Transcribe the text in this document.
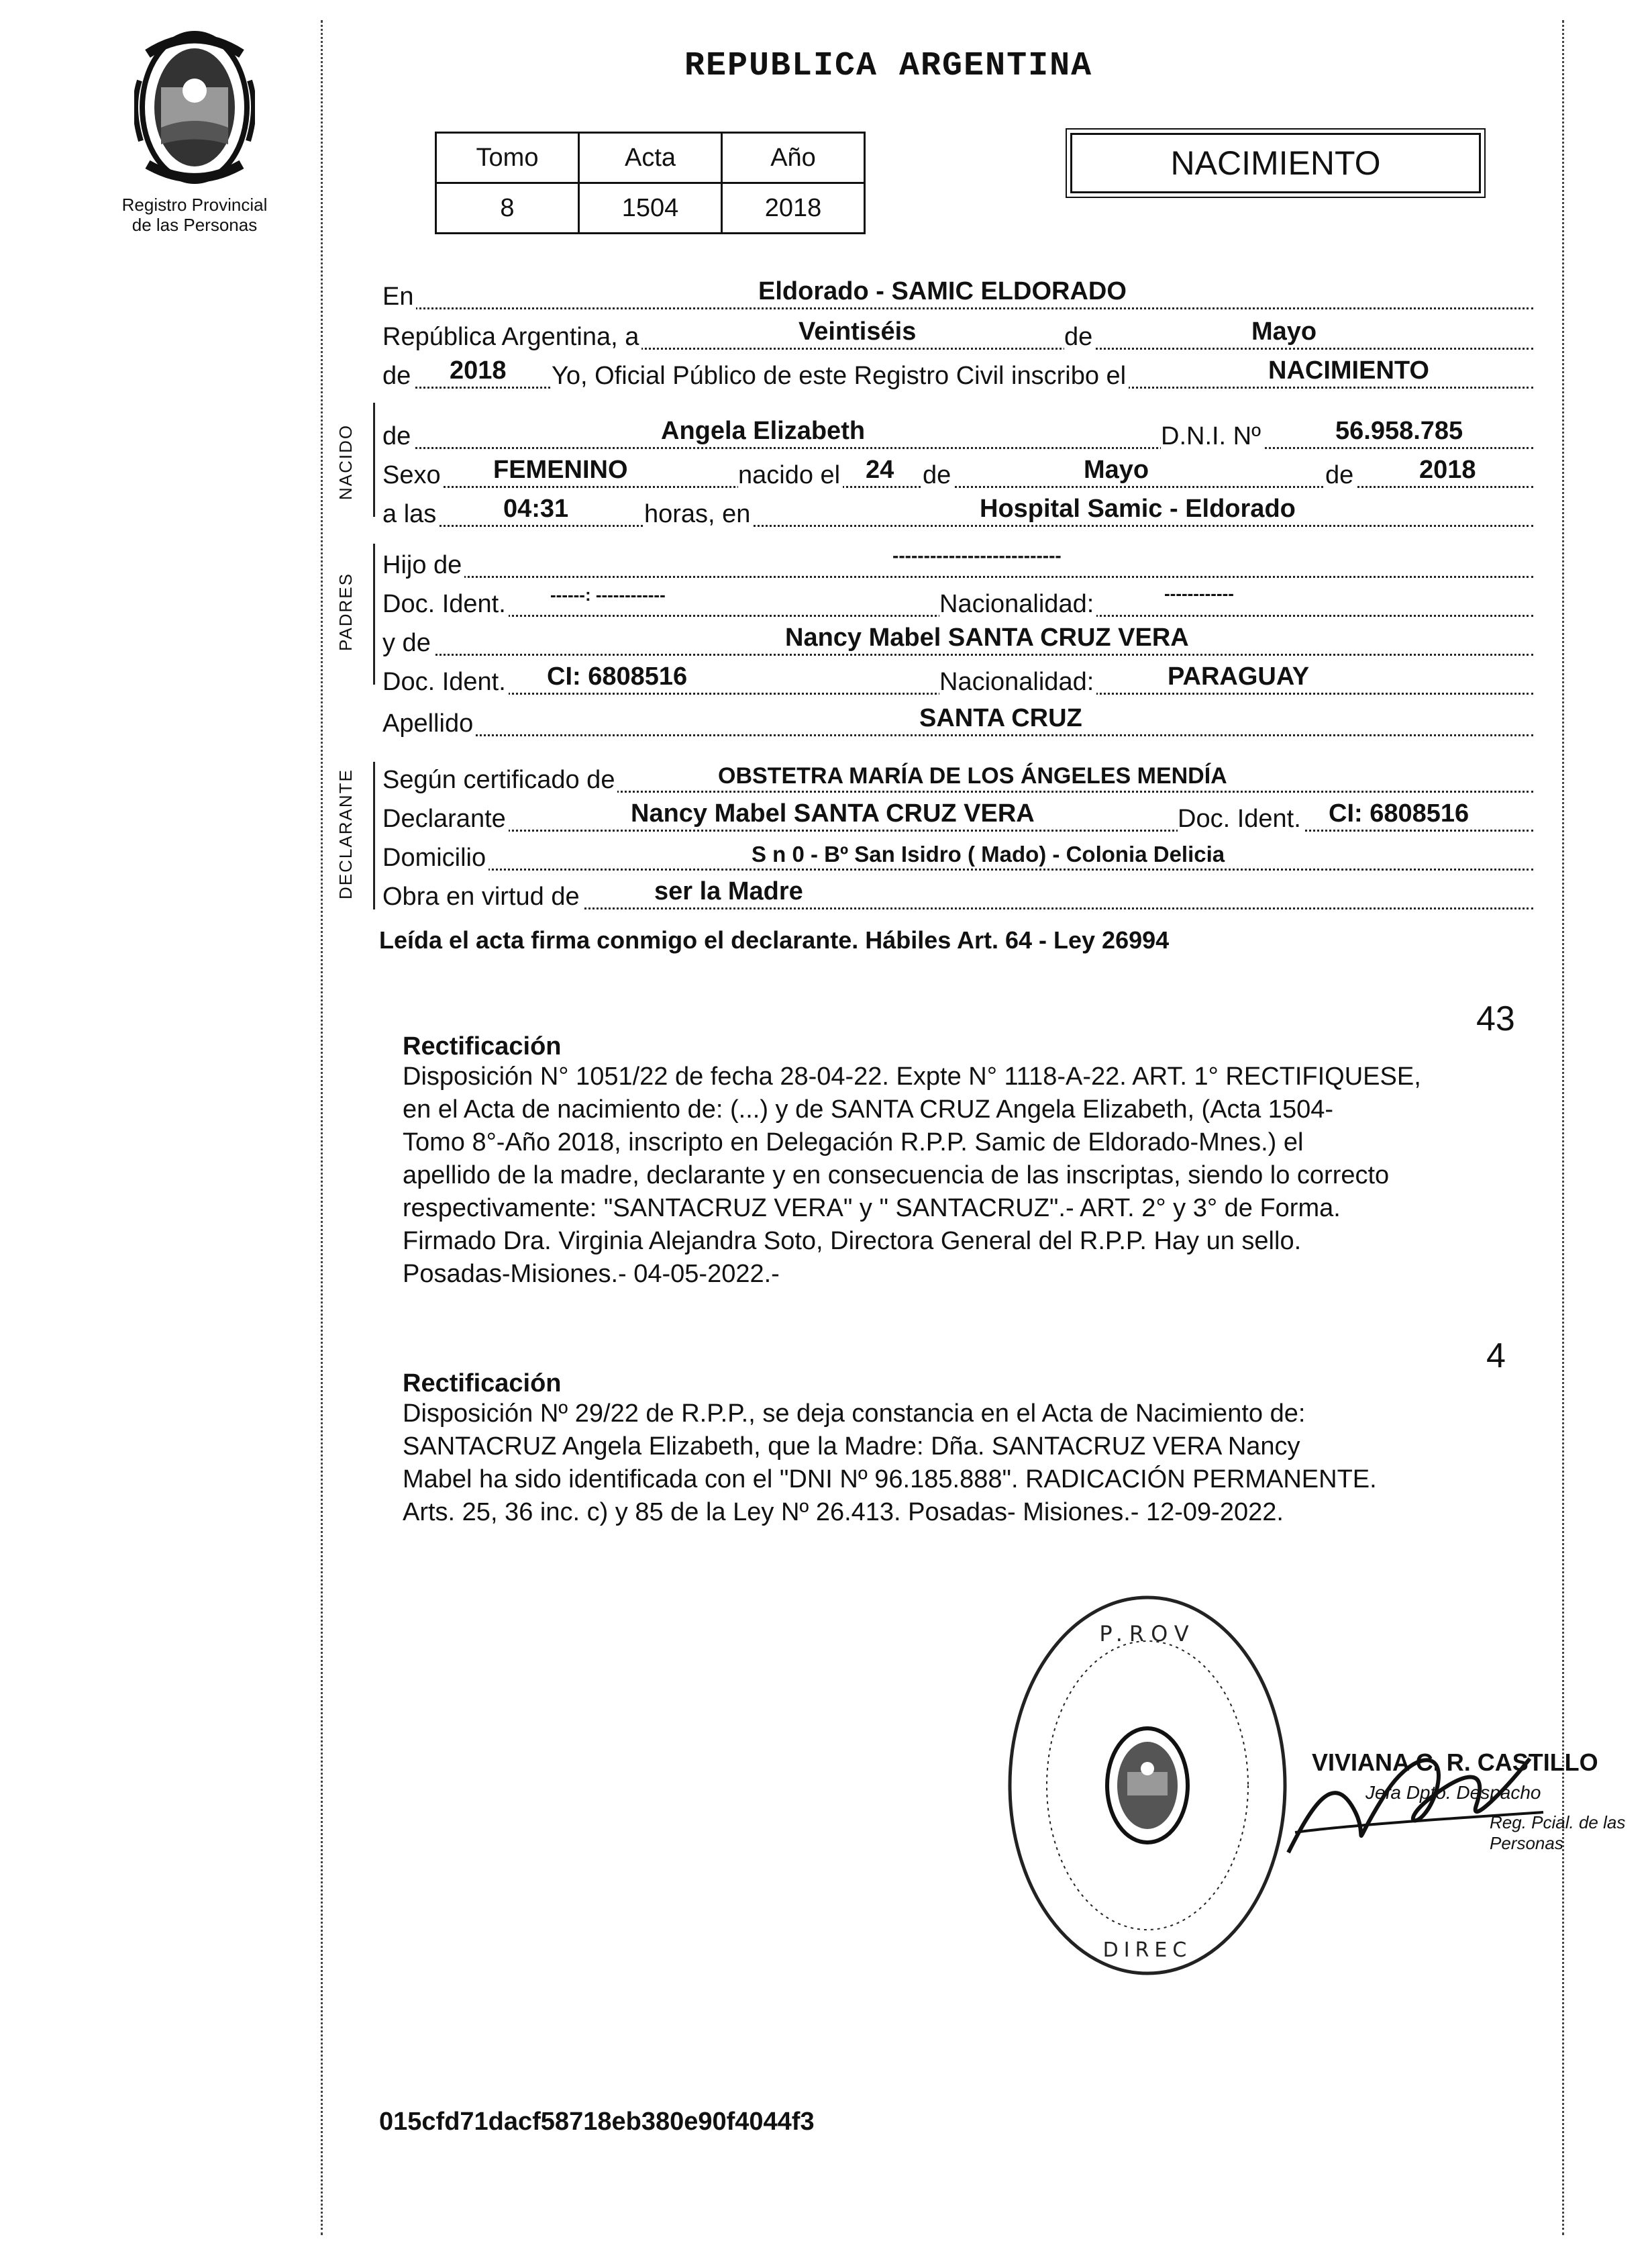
Registro Provincial
de las Personas
REPUBLICA ARGENTINA
Tomo	Acta	Año
8	1504	2018
NACIMIENTO
En	Eldorado - SAMIC ELDORADO
República Argentina, a	Veintiséis	de	Mayo
de 2018 Yo, Oficial Público de este Registro Civil inscribo el	NACIMIENTO
NACIDO de	Angela Elizabeth	D.N.I. Nº	56.958.785
Sexo FEMENINO	nacido el 24 de	Mayo	de	2018
a las	04:31	horas, en	Hospital Samic - Eldorado
PADRES
Hijo de	---------------------------
Doc. Ident.	------: ------------	Nacionalidad:	------------
y de	Nancy Mabel SANTA CRUZ VERA
Doc. Ident. CI: 6808516	Nacionalidad:	PARAGUAY
Apellido	SANTA CRUZ
DECLARANTE Según certificado de	OBSTETRA MARÍA DE LOS ÁNGELES MENDÍA
Declarante	Nancy Mabel SANTA CRUZ VERA	Doc. Ident. CI: 6808516
Domicilio	S n 0 - Bº San Isidro ( Mado) - Colonia Delicia
Obra en virtud de	ser la Madre
Leída el acta firma conmigo el declarante. Hábiles Art. 64 - Ley 26994
43
Rectificación
Disposición N° 1051/22 de fecha 28-04-22. Expte N° 1118-A-22. ART. 1° RECTIFIQUESE,
en el Acta de nacimiento de: (...) y de SANTA CRUZ Angela Elizabeth, (Acta 1504-
Tomo 8°-Año 2018, inscripto en Delegación R.P.P. Samic de Eldorado-Mnes.) el
apellido de la madre, declarante y en consecuencia de las inscriptas, siendo lo correcto
respectivamente: "SANTACRUZ VERA" y " SANTACRUZ".- ART. 2° y 3° de Forma.
Firmado Dra. Virginia Alejandra Soto, Directora General del R.P.P. Hay un sello.
Posadas-Misiones.- 04-05-2022.-
4
Rectificación
Disposición Nº 29/22 de R.P.P., se deja constancia en el Acta de Nacimiento de:
SANTACRUZ Angela Elizabeth, que la Madre: Dña. SANTACRUZ VERA Nancy
Mabel ha sido identificada con el "DNI Nº 96.185.888". RADICACIÓN PERMANENTE.
Arts. 25, 36 inc. c) y 85 de la Ley Nº 26.413. Posadas- Misiones.- 12-09-2022.
P.ROV
DIREC
VIVIANA C. R. CASTILLO
Jefa Dpto. Despacho
Reg. Pcial. de las Personas
015cfd71dacf58718eb380e90f4044f3
